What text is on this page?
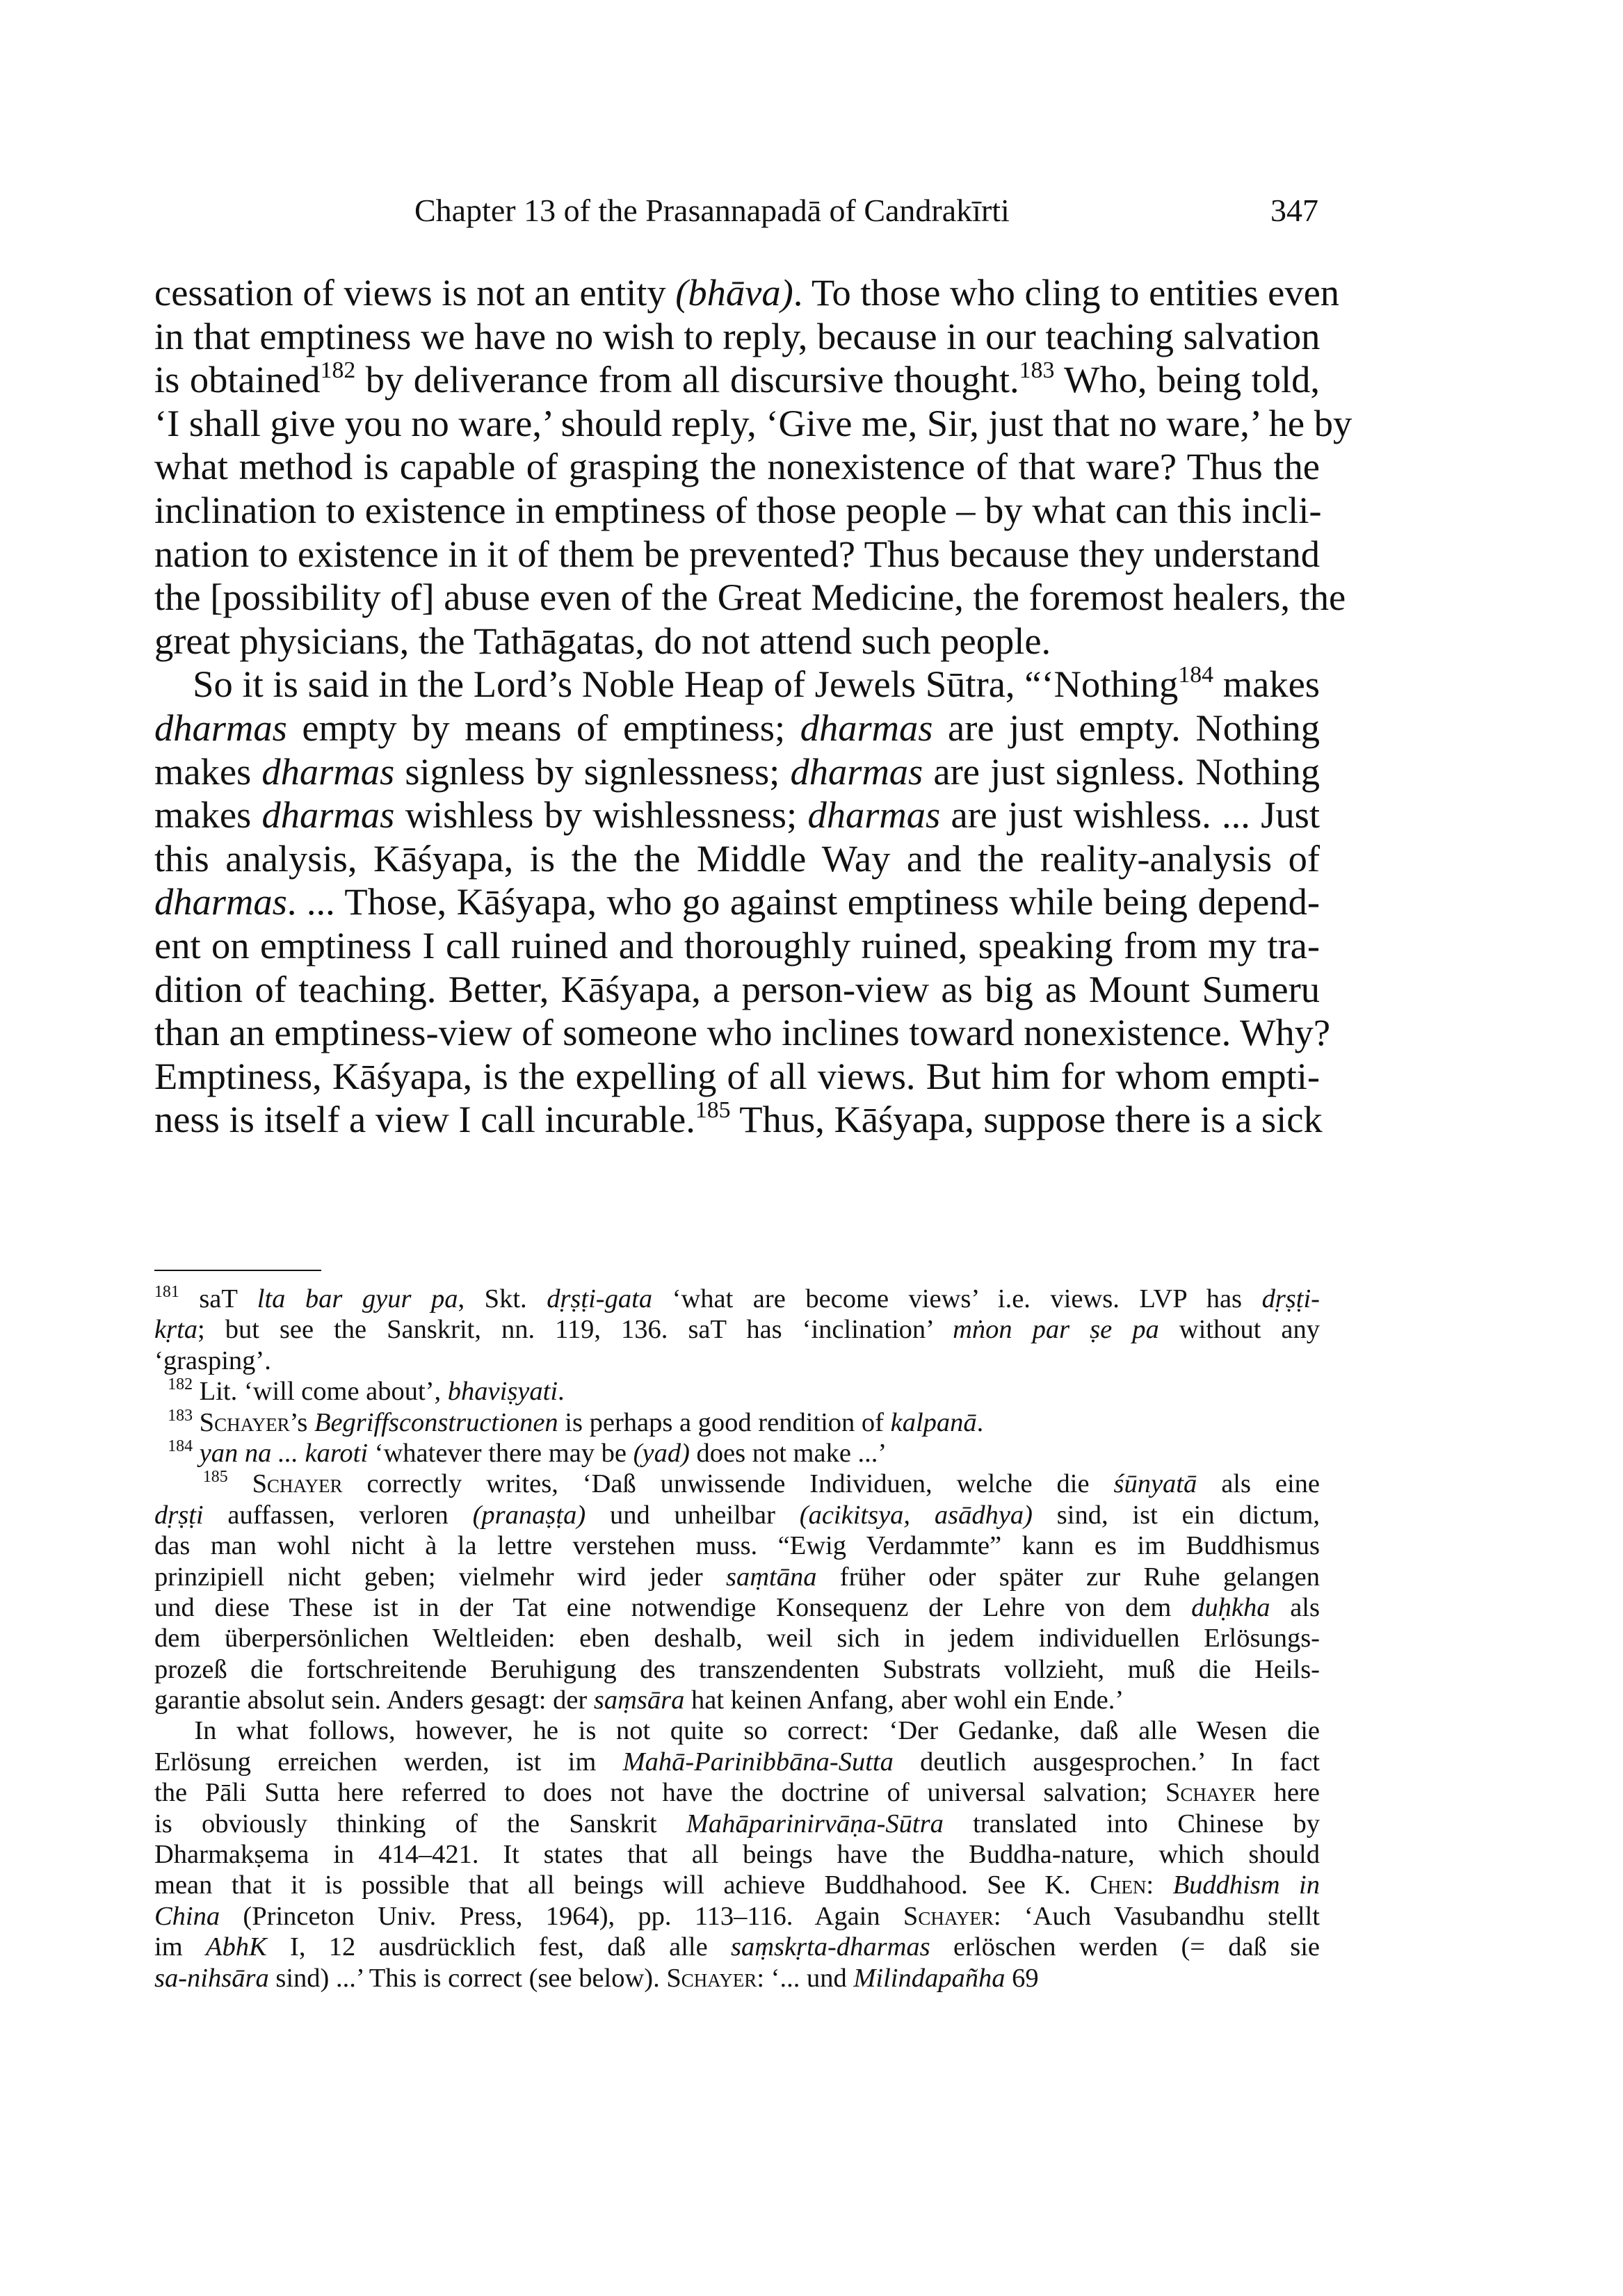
Chapter 13 of the Prasannapadā of Candrakīrti	347
cessation of views is not an entity (bhāva). To those who cling to entities even
in that emptiness we have no wish to reply, because in our teaching salvation
is obtained$^{182}$ by deliverance from all discursive thought.$^{183}$ Who, being told,
‘I shall give you no ware,’ should reply, ‘Give me, Sir, just that no ware,’ he by
what method is capable of grasping the nonexistence of that ware? Thus the
inclination to existence in emptiness of those people – by what can this incli-
nation to existence in it of them be prevented? Thus because they understand
the [possibility of] abuse even of the Great Medicine, the foremost healers, the
great physicians, the Tathāgatas, do not attend such people.
So it is said in the Lord’s Noble Heap of Jewels Sūtra, “‘Nothing$^{184}$ makes
dharmas empty by means of emptiness; dharmas are just empty. Nothing
makes dharmas signless by signlessness; dharmas are just signless. Nothing
makes dharmas wishless by wishlessness; dharmas are just wishless. ... Just
this analysis, Kāśyapa, is the the Middle Way and the reality-analysis of
dharmas. ... Those, Kāśyapa, who go against emptiness while being depend-
ent on emptiness I call ruined and thoroughly ruined, speaking from my tra-
dition of teaching. Better, Kāśyapa, a person-view as big as Mount Sumeru
than an emptiness-view of someone who inclines toward nonexistence. Why?
Emptiness, Kāśyapa, is the expelling of all views. But him for whom empti-
ness is itself a view I call incurable.$^{185}$ Thus, Kāśyapa, suppose there is a sick
$^{181}$ saT lta bar gyur pa, Skt. dṛṣṭi-gata ‘what are become views’ i.e. views. LVP has dṛṣṭi-
kṛta; but see the Sanskrit, nn. 119, 136. saT has ‘inclination’ mṅon par ṣe pa without any
‘grasping’.
$^{182}$ Lit. ‘will come about’, bhaviṣyati.
$^{183}$ Schayer’s Begriffsconstructionen is perhaps a good rendition of kalpanā.
$^{184}$ yan na ... karoti ‘whatever there may be (yad) does not make ...’
$^{185}$ Schayer correctly writes, ‘Daß unwissende Individuen, welche die śūnyatā als eine
dṛṣṭi auffassen, verloren (pranaṣṭa) und unheilbar (acikitsya, asādhya) sind, ist ein dictum,
das man wohl nicht à la lettre verstehen muss. “Ewig Verdammte” kann es im Buddhismus
prinzipiell nicht geben; vielmehr wird jeder saṃtāna früher oder später zur Ruhe gelangen
und diese These ist in der Tat eine notwendige Konsequenz der Lehre von dem duḥkha als
dem überpersönlichen Weltleiden: eben deshalb, weil sich in jedem individuellen Erlösungs-
prozeß die fortschreitende Beruhigung des transzendenten Substrats vollzieht, muß die Heils-
garantie absolut sein. Anders gesagt: der saṃsāra hat keinen Anfang, aber wohl ein Ende.’
In what follows, however, he is not quite so correct: ‘Der Gedanke, daß alle Wesen die
Erlösung erreichen werden, ist im Mahā-Parinibbāna-Sutta deutlich ausgesprochen.’ In fact
the Pāli Sutta here referred to does not have the doctrine of universal salvation; Schayer here
is obviously thinking of the Sanskrit Mahāparinirvāṇa-Sūtra translated into Chinese by
Dharmakṣema in 414–421. It states that all beings have the Buddha-nature, which should
mean that it is possible that all beings will achieve Buddhahood. See K. Chen: Buddhism in
China (Princeton Univ. Press, 1964), pp. 113–116. Again Schayer: ‘Auch Vasubandhu stellt
im AbhK I, 12 ausdrücklich fest, daß alle saṃskṛta-dharmas erlöschen werden (= daß sie
sa-nihsāra sind) ...’ This is correct (see below). Schayer: ‘... und Milindapañha 69
